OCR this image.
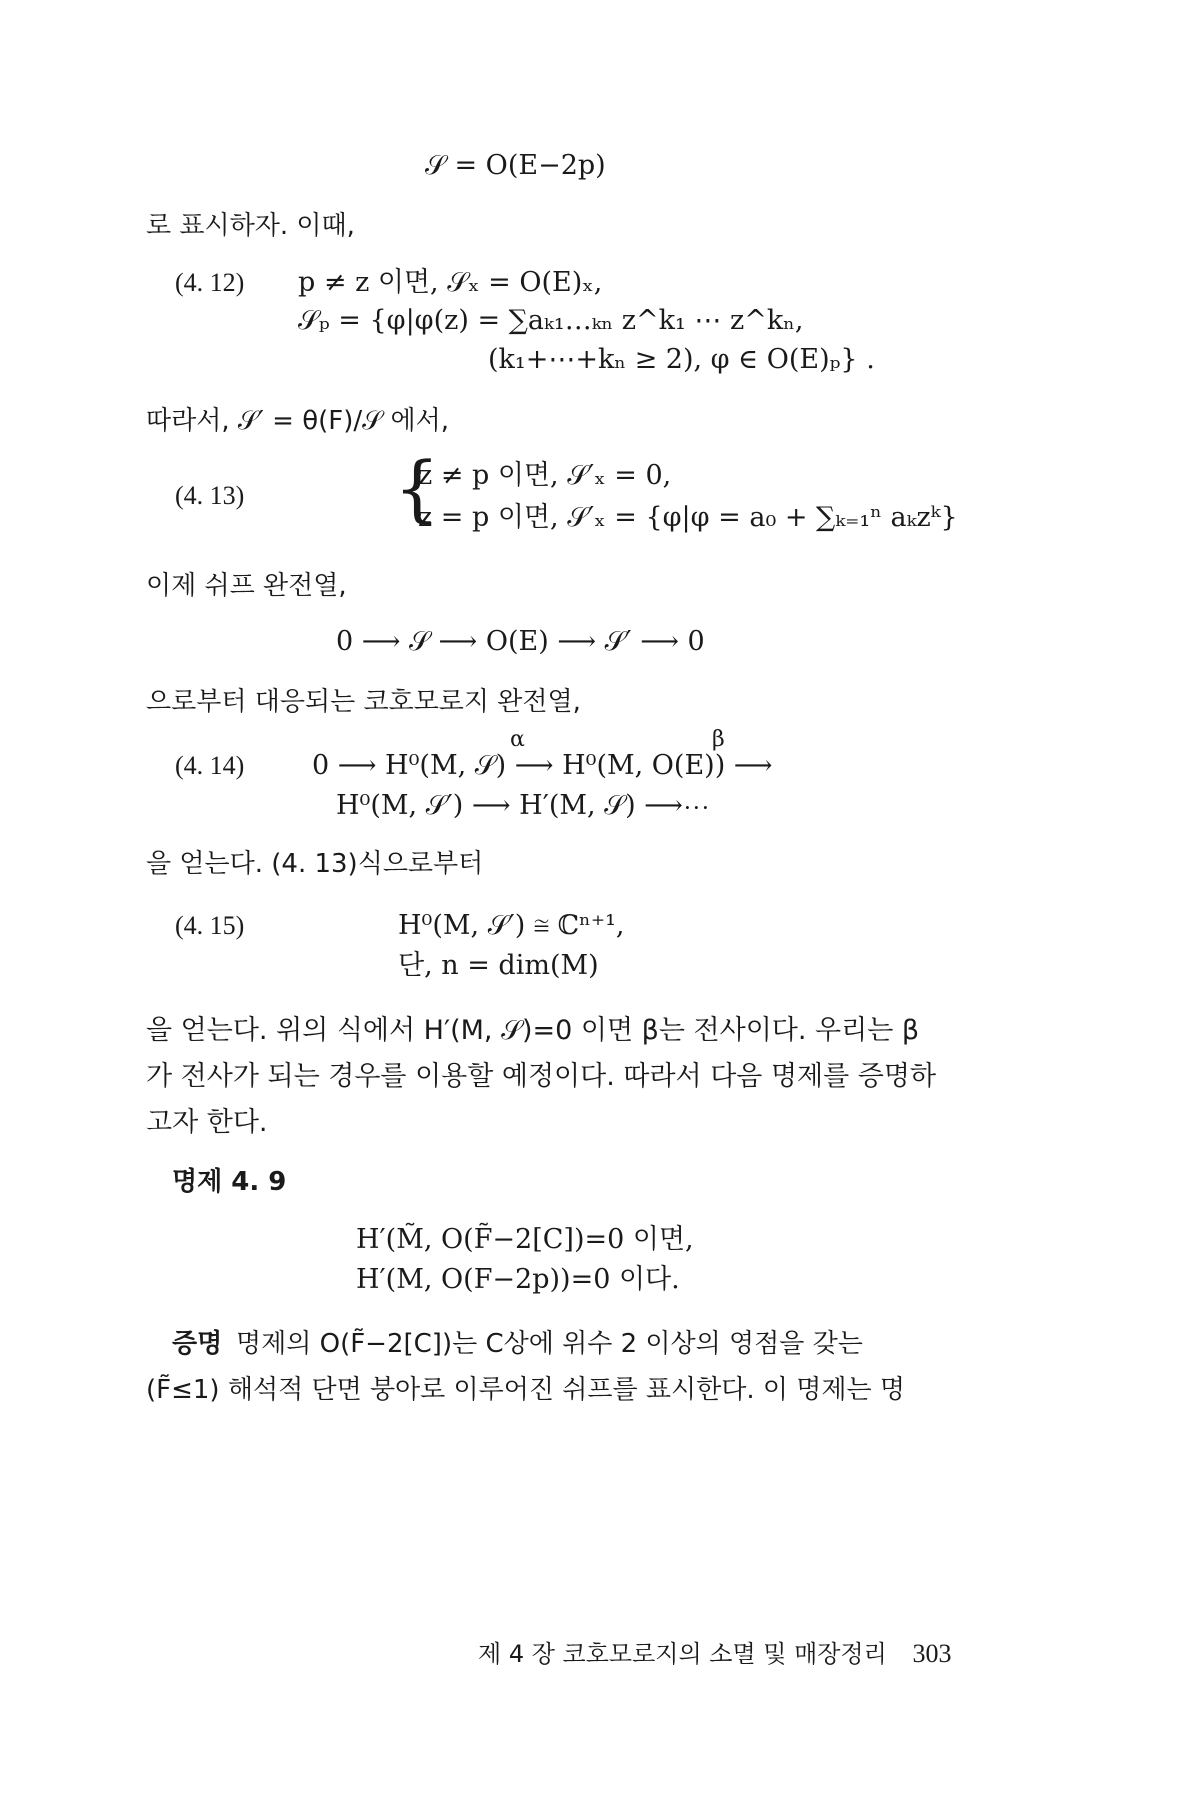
𝒮 = O(E−2p)
로 표시하자. 이때,
(4. 12) p ≠ z 이면, 𝒮ₓ = O(E)ₓ,
𝒮ₚ = {φ|φ(z) = ∑aₖ₁…ₖₙ z^k₁ ⋯ z^kₙ,
(k₁+⋯+kₙ ≥ 2), φ ∈ O(E)ₚ} .
따라서, 𝒮′ = θ(F)/𝒮 에서,
(4. 13) {
z ≠ p 이면, 𝒮′ₓ = 0,
z = p 이면, 𝒮′ₓ = {φ|φ = a₀ + ∑ₖ₌₁ⁿ aₖzᵏ}
이제 쉬프 완전열,
0 ⟶ 𝒮 ⟶ O(E) ⟶ 𝒮′ ⟶ 0
으로부터 대응되는 코호모로지 완전열,
(4. 14)
α	β
0 ⟶ H⁰(M, 𝒮) ⟶ H⁰(M, O(E)) ⟶
H⁰(M, 𝒮′) ⟶ H′(M, 𝒮) ⟶⋯
을 얻는다. (4. 13)식으로부터
(4. 15)	H⁰(M, 𝒮′) ≅ ℂⁿ⁺¹,
단, n = dim(M)
을 얻는다. 위의 식에서 H′(M, 𝒮)=0 이면 β는 전사이다. 우리는 β
가 전사가 되는 경우를 이용할 예정이다. 따라서 다음 명제를 증명하
고자 한다.
명제 4. 9
H′(M̃, O(F̃−2[C])=0 이면,
H′(M, O(F−2p))=0 이다.
증명 명제의 O(F̃−2[C])는 C상에 위수 2 이상의 영점을 갖는
(F̃≤1) 해석적 단면 붕아로 이루어진 쉬프를 표시한다. 이 명제는 명
제 4 장 코호모로지의 소멸 및 매장정리 303
